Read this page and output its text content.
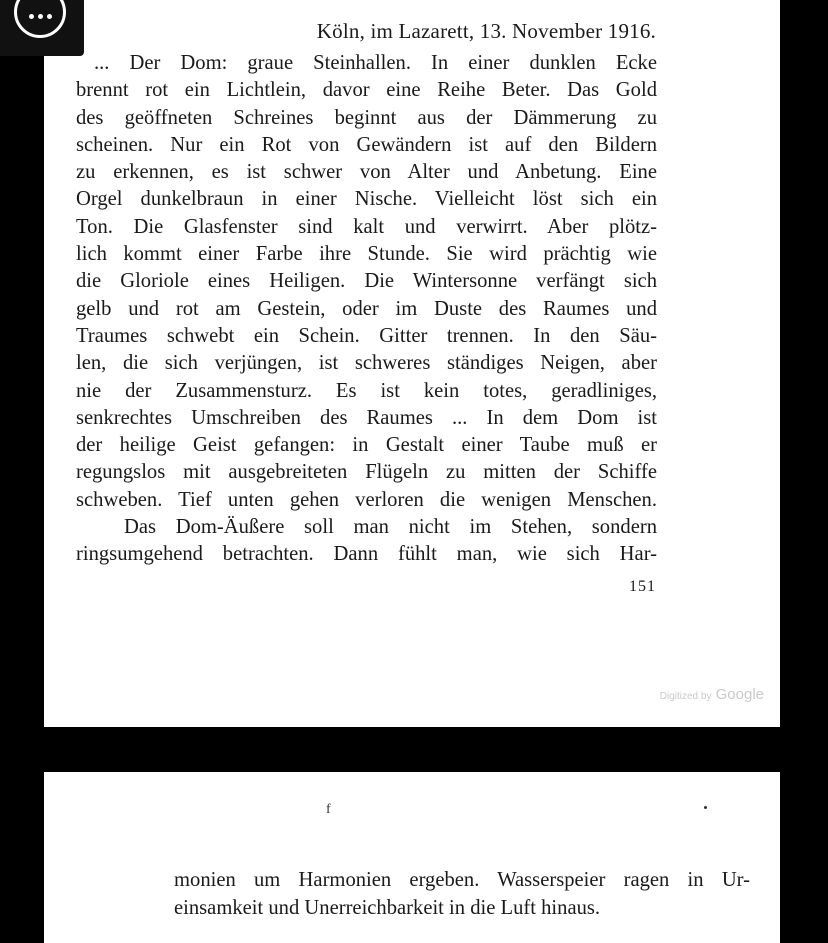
Köln, im Lazarett, 13. November 1916.
... Der Dom: graue Steinhallen. In einer dunklen Ecke
brennt rot ein Lichtlein, davor eine Reihe Beter. Das Gold
des geöffneten Schreines beginnt aus der Dämmerung zu
scheinen. Nur ein Rot von Gewändern ist auf den Bildern
zu erkennen, es ist schwer von Alter und Anbetung. Eine
Orgel dunkelbraun in einer Nische. Vielleicht löst sich ein
Ton. Die Glasfenster sind kalt und verwirrt. Aber plötz-
lich kommt einer Farbe ihre Stunde. Sie wird prächtig wie
die Gloriole eines Heiligen. Die Wintersonne verfängt sich
gelb und rot am Gestein, oder im Duste des Raumes und
Traumes schwebt ein Schein. Gitter trennen. In den Säu-
len, die sich verjüngen, ist schweres ständiges Neigen, aber
nie der Zusammensturz. Es ist kein totes, geradliniges,
senkrechtes Umschreiben des Raumes ... In dem Dom ist
der heilige Geist gefangen: in Gestalt einer Taube muß er
regungslos mit ausgebreiteten Flügeln zu mitten der Schiffe
schweben. Tief unten gehen verloren die wenigen Menschen.
Das Dom-Äußere soll man nicht im Stehen, sondern
ringsumgehend betrachten. Dann fühlt man, wie sich Har-
151
Digitized by Google
monien um Harmonien ergeben. Wasserspeier ragen in Ur-
einsamkeit und Unerreichbarkeit in die Luft hinaus.
f
